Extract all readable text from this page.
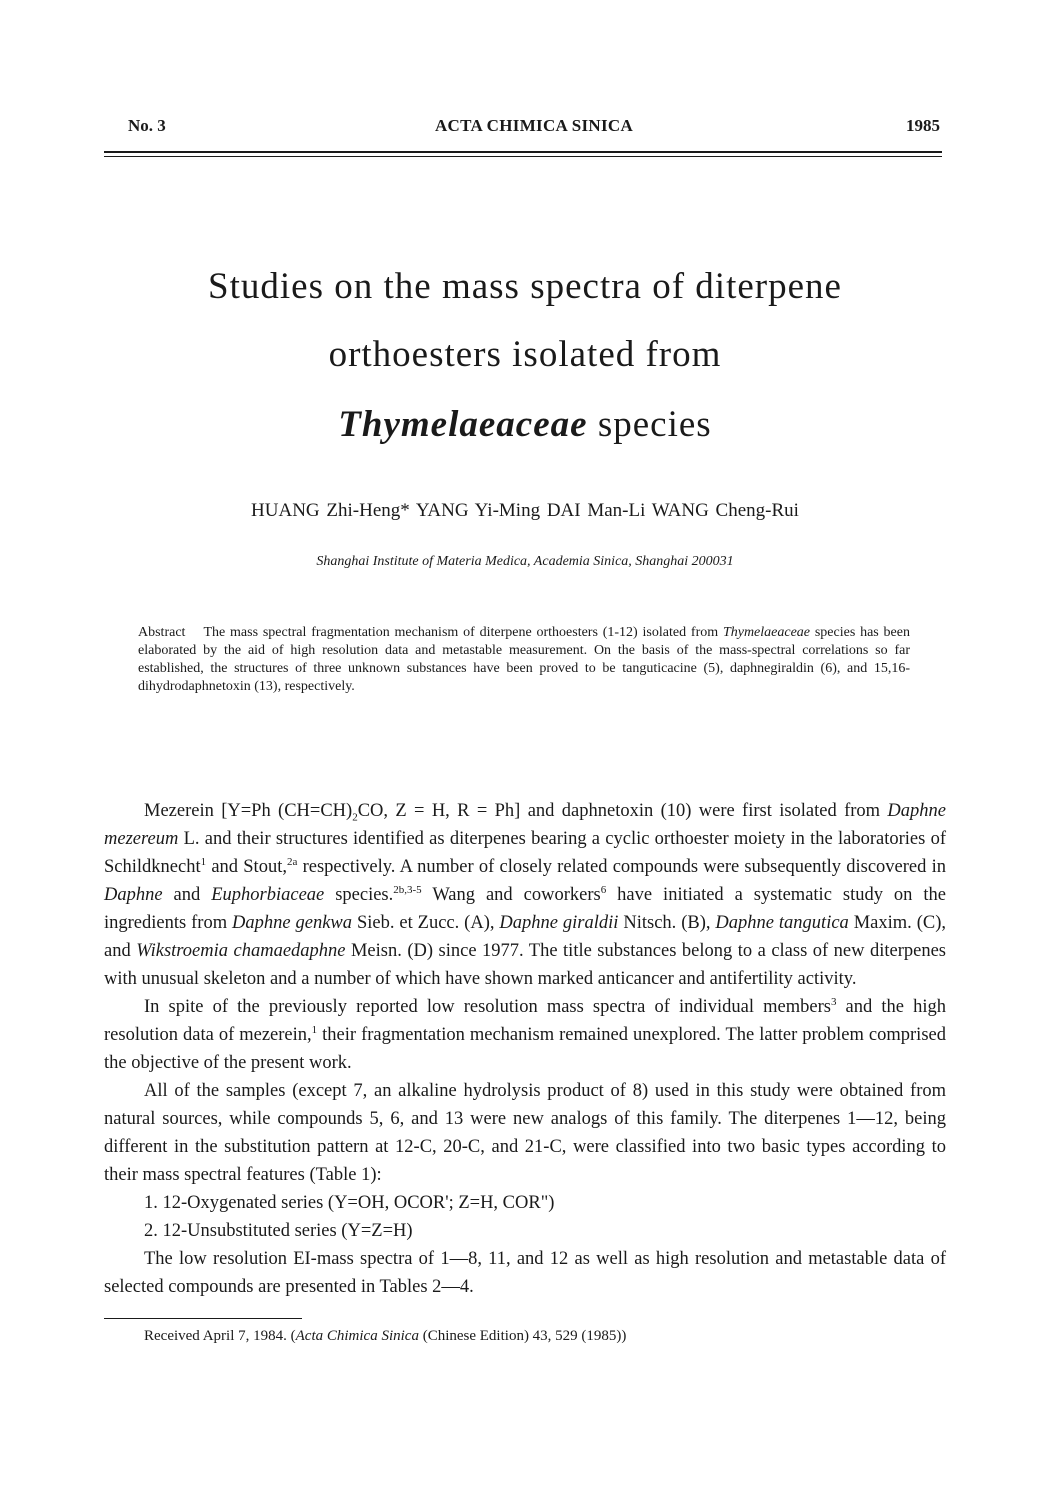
No. 3	ACTA CHIMICA SINICA	1985
Studies on the mass spectra of diterpene
orthoesters isolated from
Thymelaeaceae species
HUANG Zhi-Heng* YANG Yi-Ming DAI Man-Li WANG Cheng-Rui
Shanghai Institute of Materia Medica, Academia Sinica, Shanghai 200031
Abstract The mass spectral fragmentation mechanism of diterpene orthoesters (1-12) isolated from Thymelaeaceae species has been elaborated by the aid of high resolution data and metastable measurement. On the basis of the mass-spectral correlations so far established, the structures of three unknown substances have been proved to be tanguticacine (5), daphnegiraldin (6), and 15,16-dihydrodaphnetoxin (13), respectively.

Mezerein [Y=Ph $(CH=CH)_2CO$, Z = H, R = Ph] and daphnetoxin (10) were first isolated from Daphne mezereum L. and their structures identified as diterpenes bearing a cyclic orthoester moiety in the laboratories of Schildknecht$^1$ and Stout,$^{2a}$ respectively. A number of closely related compounds were subsequently discovered in Daphne and Euphorbiaceae species.$^{2b,3-5}$ Wang and coworkers$^6$ have initiated a systematic study on the ingredients from Daphne genkwa Sieb. et Zucc. (A), Daphne giraldii Nitsch. (B), Daphne tangutica Maxim. (C), and Wikstroemia chamaedaphne Meisn. (D) since 1977. The title substances belong to a class of new diterpenes with unusual skeleton and a number of which have shown marked anticancer and antifertility activity.

In spite of the previously reported low resolution mass spectra of individual members$^3$ and the high resolution data of mezerein,$^1$ their fragmentation mechanism remained unexplored. The latter problem comprised the objective of the present work.

All of the samples (except 7, an alkaline hydrolysis product of 8) used in this study were obtained from natural sources, while compounds 5, 6, and 13 were new analogs of this family. The diterpenes 1—12, being different in the substitution pattern at 12-C, 20-C, and 21-C, were classified into two basic types according to their mass spectral features (Table 1):

1. 12-Oxygenated series (Y=OH, OCOR'; Z=H, COR")

2. 12-Unsubstituted series (Y=Z=H)

The low resolution EI-mass spectra of 1—8, 11, and 12 as well as high resolution and metastable data of selected compounds are presented in Tables 2—4.

Received April 7, 1984. (Acta Chimica Sinica (Chinese Edition) 43, 529 (1985))
